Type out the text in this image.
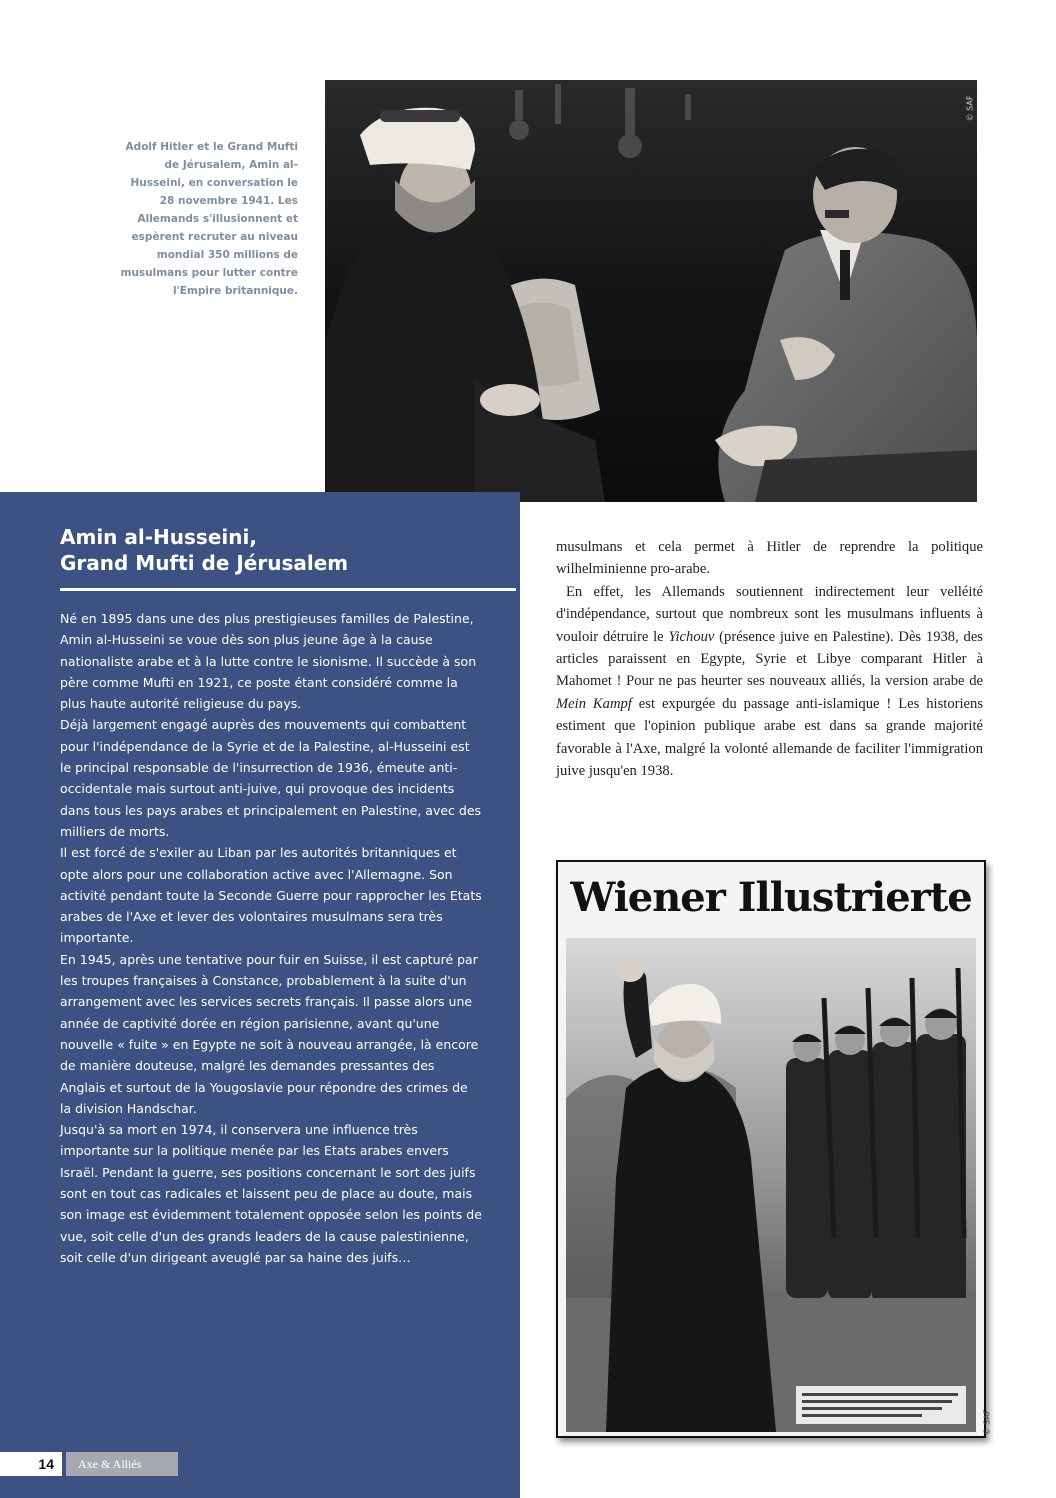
Adolf Hitler et le Grand Mufti de Jérusalem, Amin al-Husseini, en conversation le 28 novembre 1941. Les Allemands s'illusionnent et espèrent recruter au niveau mondial 350 millions de musulmans pour lutter contre l'Empire britannique.
© SAF
Amin al-Husseini,
Grand Mufti de Jérusalem

Né en 1895 dans une des plus prestigieuses familles de Palestine, Amin al-Husseini se voue dès son plus jeune âge à la cause nationaliste arabe et à la lutte contre le sionisme. Il succède à son père comme Mufti en 1921, ce poste étant considéré comme la plus haute autorité religieuse du pays.

Déjà largement engagé auprès des mouvements qui combattent pour l'indépendance de la Syrie et de la Palestine, al-Husseini est le principal responsable de l'insurrection de 1936, émeute anti-occidentale mais surtout anti-juive, qui provoque des incidents dans tous les pays arabes et principalement en Palestine, avec des milliers de morts.

Il est forcé de s'exiler au Liban par les autorités britanniques et opte alors pour une collaboration active avec l'Allemagne. Son activité pendant toute la Seconde Guerre pour rapprocher les Etats arabes de l'Axe et lever des volontaires musulmans sera très importante.

En 1945, après une tentative pour fuir en Suisse, il est capturé par les troupes françaises à Constance, probablement à la suite d'un arrangement avec les services secrets français. Il passe alors une année de captivité dorée en région parisienne, avant qu'une nouvelle « fuite » en Egypte ne soit à nouveau arrangée, là encore de manière douteuse, malgré les demandes pressantes des Anglais et surtout de la Yougoslavie pour répondre des crimes de la division Handschar.

Jusqu'à sa mort en 1974, il conservera une influence très importante sur la politique menée par les Etats arabes envers Israël. Pendant la guerre, ses positions concernant le sort des juifs sont en tout cas radicales et laissent peu de place au doute, mais son image est évidemment totalement opposée selon les points de vue, soit celle d'un des grands leaders de la cause palestinienne, soit celle d'un dirigeant aveuglé par sa haine des juifs…

musulmans et cela permet à Hitler de reprendre la politique wilhelminienne pro-arabe.

En effet, les Allemands soutiennent indirectement leur velléité d'indépendance, surtout que nombreux sont les musulmans influents à vouloir détruire le Yichouv (présence juive en Palestine). Dès 1938, des articles paraissent en Egypte, Syrie et Libye comparant Hitler à Mahomet ! Pour ne pas heurter ses nouveaux alliés, la version arabe de Mein Kampf est expurgée du passage anti-islamique ! Les historiens estiment que l'opinion publique arabe est dans sa grande majorité favorable à l'Axe, malgré la volonté allemande de faciliter l'immigration juive jusqu'en 1938.

Wiener Illustrierte
© SAF
14	Axe & Alliés
